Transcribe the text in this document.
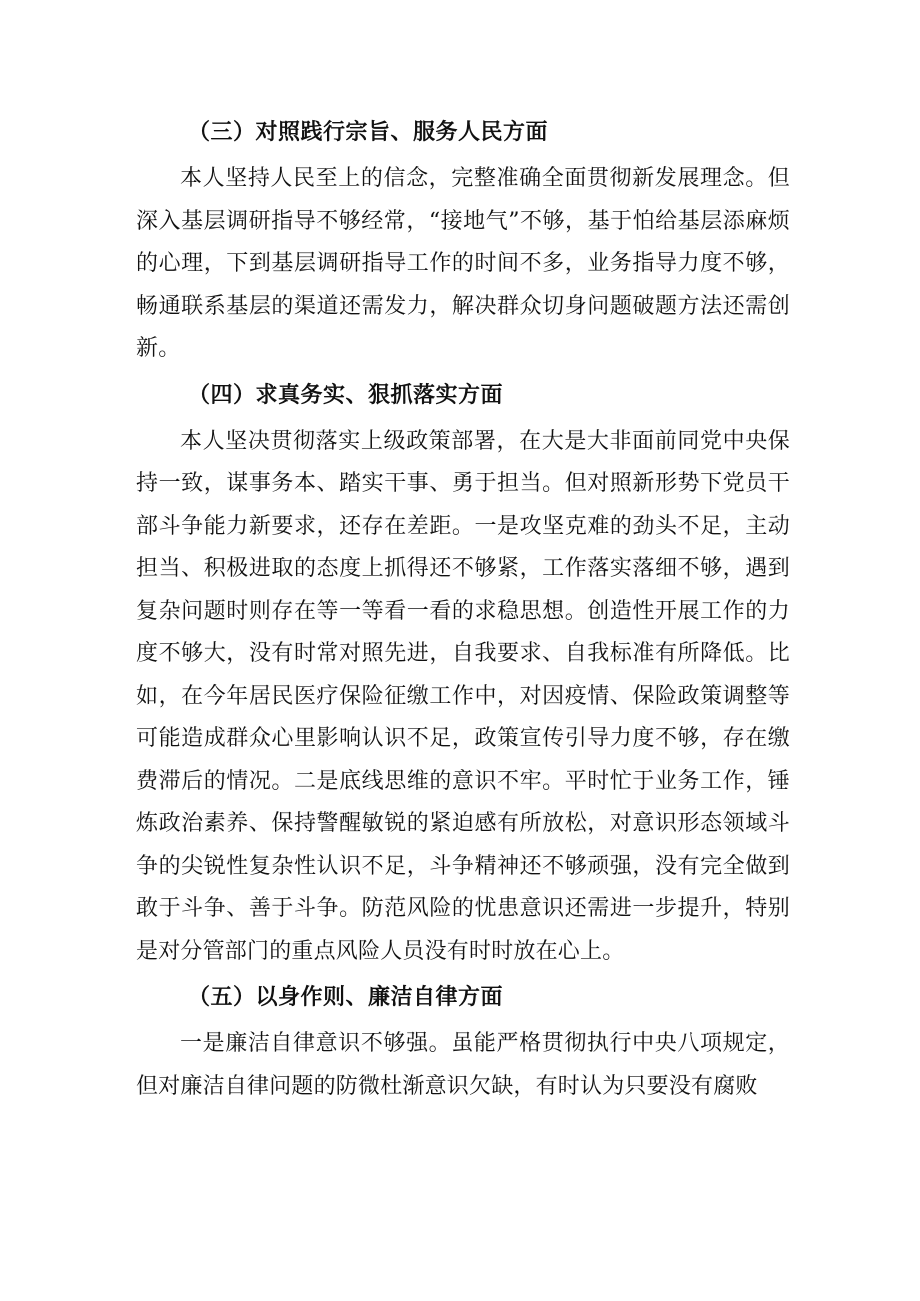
（三）对照践行宗旨、服务人民方面

本人坚持人民至上的信念，完整准确全面贯彻新发展理念。但深入基层调研指导不够经常，“接地气”不够，基于怕给基层添麻烦的心理，下到基层调研指导工作的时间不多，业务指导力度不够，畅通联系基层的渠道还需发力，解决群众切身问题破题方法还需创新。

（四）求真务实、狠抓落实方面

本人坚决贯彻落实上级政策部署，在大是大非面前同党中央保持一致，谋事务本、踏实干事、勇于担当。但对照新形势下党员干部斗争能力新要求，还存在差距。一是攻坚克难的劲头不足，主动担当、积极进取的态度上抓得还不够紧，工作落实落细不够，遇到复杂问题时则存在等一等看一看的求稳思想。创造性开展工作的力度不够大，没有时常对照先进，自我要求、自我标准有所降低。比如，在今年居民医疗保险征缴工作中，对因疫情、保险政策调整等可能造成群众心里影响认识不足，政策宣传引导力度不够，存在缴费滞后的情况。二是底线思维的意识不牢。平时忙于业务工作，锤炼政治素养、保持警醒敏锐的紧迫感有所放松，对意识形态领域斗争的尖锐性复杂性认识不足，斗争精神还不够顽强，没有完全做到敢于斗争、善于斗争。防范风险的忧患意识还需进一步提升，特别是对分管部门的重点风险人员没有时时放在心上。

（五）以身作则、廉洁自律方面

一是廉洁自律意识不够强。虽能严格贯彻执行中央八项规定，但对廉洁自律问题的防微杜渐意识欠缺，有时认为只要没有腐败
